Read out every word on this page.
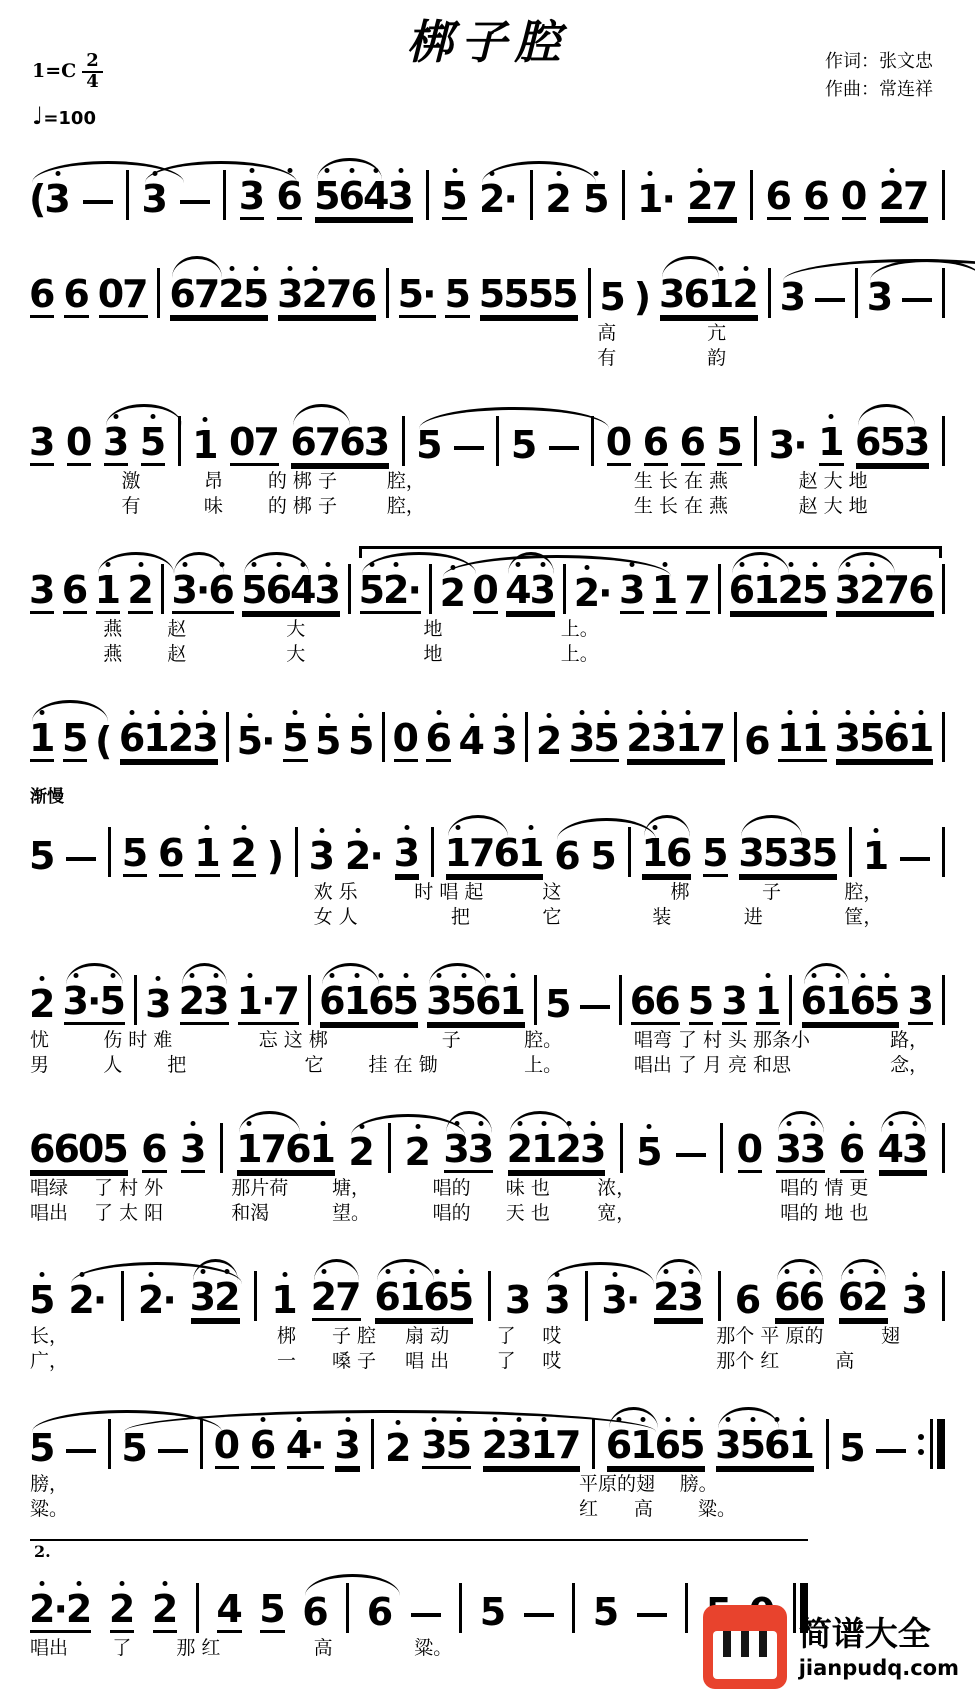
梆子腔
$1=C \frac{2}{4}$
♩=100
作词：张文忠
作曲：常连祥
(
3 3 3 6 5
6
4
3 5 2
· 2 5 1
· 2
7 6 6 0 2
7
6 6 0
7 6
7
2
5 3
2
7
6 5
· 5 5
5
5
5 5 ) 3
6
1
2 3 3
高	亢
有	韵
3 0 3 5 1 0
7 6
7
6
3 5 5 0 6 6 5 3
· 1 6
5
3
激	昂 的 梆 子	腔，	生 长 在 燕	赵 大 地
有	味 的 梆 子	腔，	生 长 在 燕	赵 大 地
3 6 1 2 3
·
6 5
6
4
3 5
2
· 2 0 4
3 2
· 3 1 7 6
1
2
5 3
2
7
6
燕 赵	大	地	上。
燕 赵	大	地	上。
1 5 ( 6
1
2
3 5
· 5 5 5 0 6 4 3 2 3
5 2
3
1
7 6 1
1 3
5
6
1
渐慢
5 5 6 1 2 ) 3 2
· 3 1
7
6
1 6 5 1
6 5 3
5
3
5 1
欢 乐	时 唱 起	这	梆	子	腔，
女 人	把	它	装	进	筐，
2 3
·
5 3 2
3 1
·
7 6
1
6
5 3
5
6
1 5 6
6 5 3 1 6
1
6
5 3
忧	伤 时 难	忘 这 梆	子	腔。	唱弯 了 村 头 那条小	路，
男	人 把	它 挂 在 锄	上。	唱出 了 月 亮 和思	念，
6
6
0
5 6 3 1
7
6
1 2 2 3
3 2
1
2
3 5 0 3
3 6 4
3
唱绿 了 村 外	那片荷 塘，	唱的 味 也 浓，	唱的 情 更
唱出 了 太 阳	和渴	望。	唱的 天 也 宽，	唱的 地 也
5 2
· 2
· 3
2 1 2
7 6
1
6
5 3 3 3
· 2
3 6 6
6 6
2 3
长，	梆 子 腔 扇 动 了 哎	那个 平 原的	翅
广，	一 嗓 子 唱 出 了 哎	那个 红	高
5 5 0 6 4
· 3 2 3
5 2
3
1
7 6
1
6
5 3
5
6
1 5
膀，	平原的翅 膀。
粱。	红 高 粱。
2.
2
·
2 2 2 4 5 6 6 5 5
唱出 了 那 红	高	粱。	简谱大全
jianpudq.com
